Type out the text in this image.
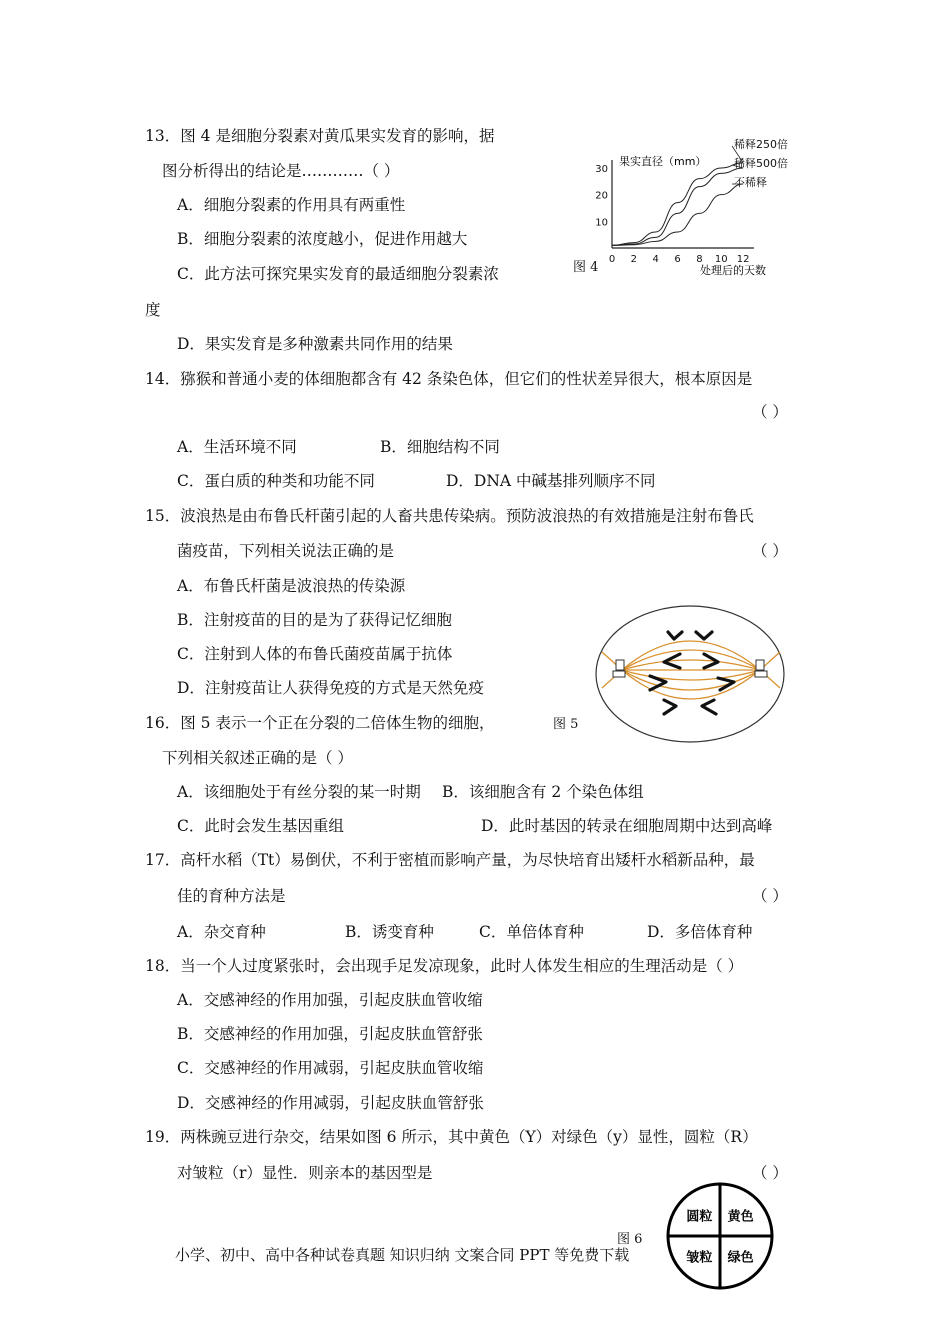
13．图 4 是细胞分裂素对黄瓜果实发育的影响，据
图分析得出的结论是…………（ ）
A．细胞分裂素的作用具有两重性
B．细胞分裂素的浓度越小，促进作用越大
C．此方法可探究果实发育的最适细胞分裂素浓
度
D．果实发育是多种激素共同作用的结果
果实直径（mm）
处理后的天数
10
20
30
0 2 4 6 8 10 12
稀释250倍
稀释500倍
不稀释
图 4
14．猕猴和普通小麦的体细胞都含有 42 条染色体，但它们的性状差异很大，根本原因是
（ ）
A．生活环境不同	B．细胞结构不同
C．蛋白质的种类和功能不同	D．DNA 中碱基排列顺序不同
15．波浪热是由布鲁氏杆菌引起的人畜共患传染病。预防波浪热的有效措施是注射布鲁氏
菌疫苗，下列相关说法正确的是	（ ）
A．布鲁氏杆菌是波浪热的传染源
B．注射疫苗的目的是为了获得记忆细胞
C．注射到人体的布鲁氏菌疫苗属于抗体
D．注射疫苗让人获得免疫的方式是天然免疫
图 5
16．图 5 表示一个正在分裂的二倍体生物的细胞，
下列相关叙述正确的是（ ）
A．该细胞处于有丝分裂的某一时期 B．该细胞含有 2 个染色体组
C．此时会发生基因重组	D．此时基因的转录在细胞周期中达到高峰
17．高杆水稻（Tt）易倒伏，不利于密植而影响产量，为尽快培育出矮杆水稻新品种，最
佳的育种方法是	（ ）
A．杂交育种	B．诱变育种	C．单倍体育种	D．多倍体育种
18．当一个人过度紧张时，会出现手足发凉现象，此时人体发生相应的生理活动是（ ）
A．交感神经的作用加强，引起皮肤血管收缩
B．交感神经的作用加强，引起皮肤血管舒张
C．交感神经的作用减弱，引起皮肤血管收缩
D．交感神经的作用减弱，引起皮肤血管舒张
19．两株豌豆进行杂交，结果如图 6 所示，其中黄色（Y）对绿色（y）显性，圆粒（R）
对皱粒（r）显性．则亲本的基因型是	（ ）
图 6
小学、初中、高中各种试卷真题 知识归纳 文案合同 PPT 等免费下载
黄色
绿色
皱粒
圆粒
